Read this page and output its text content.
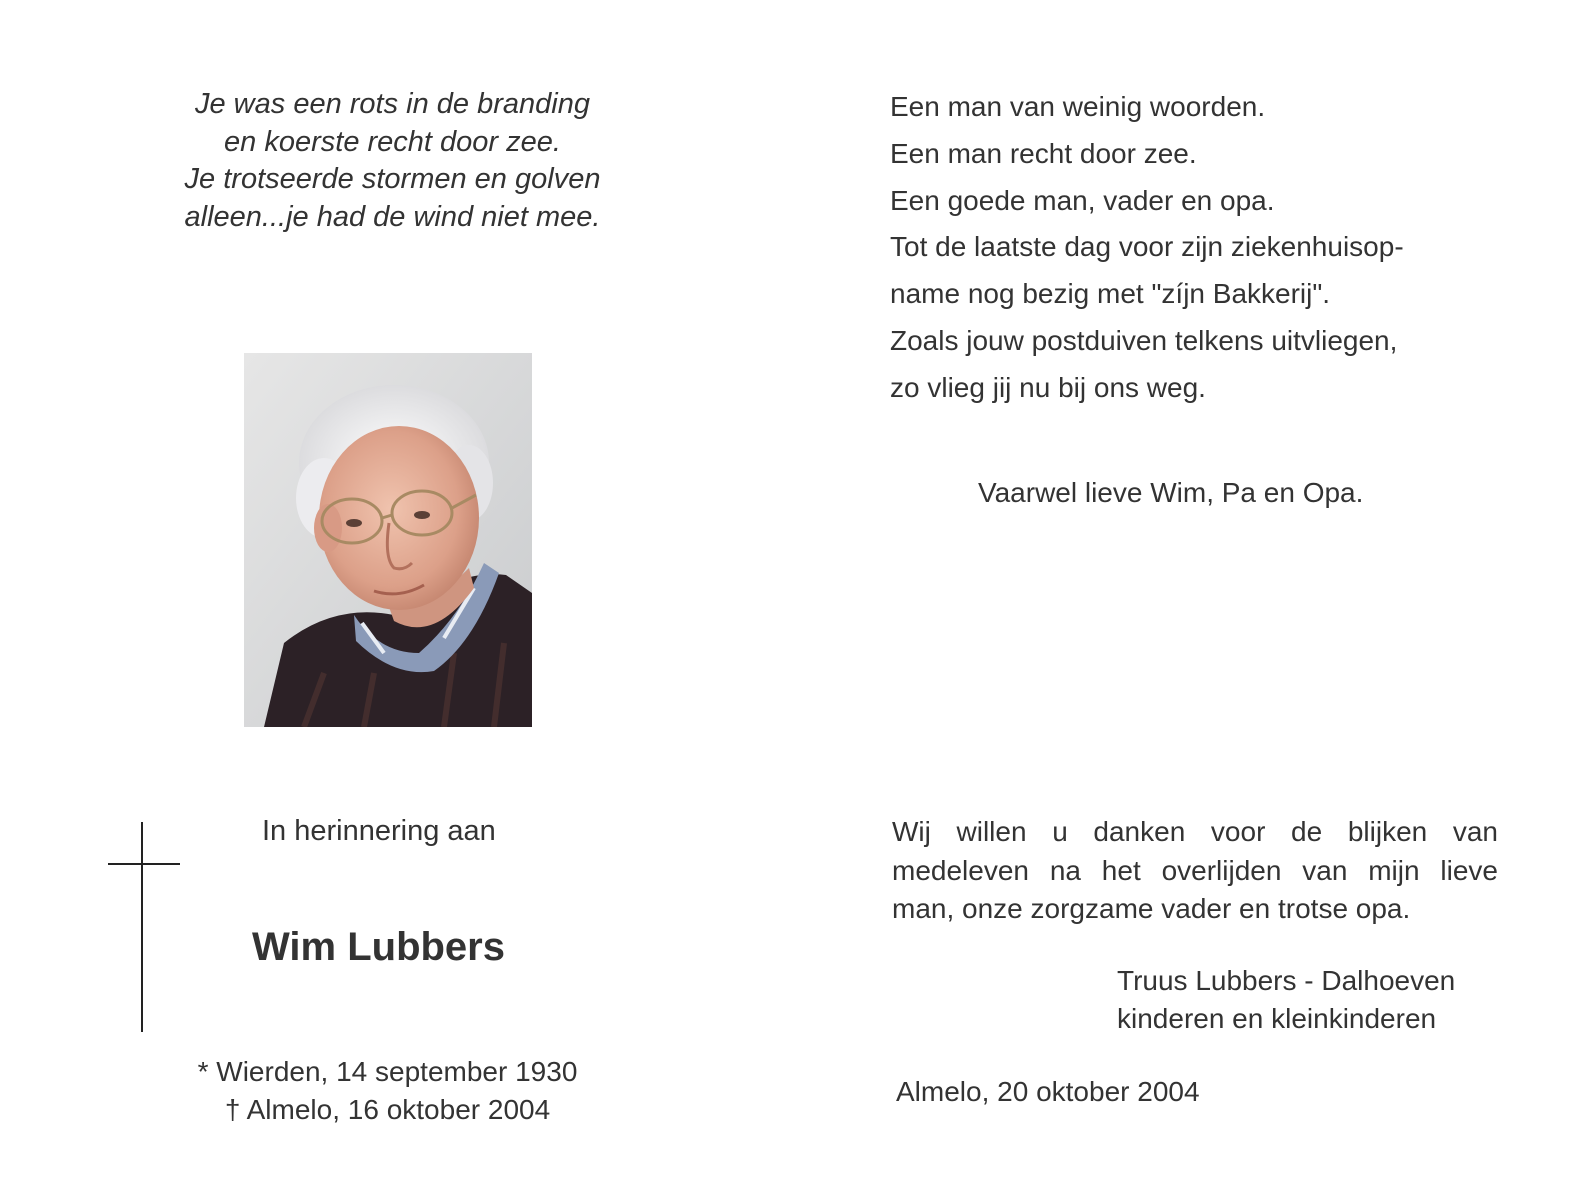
Je was een rots in de branding
en koerste recht door zee.
Je trotseerde stormen en golven
alleen...je had de wind niet mee.
In herinnering aan
Wim Lubbers
* Wierden, 14 september 1930
† Almelo, 16 oktober 2004
Een man van weinig woorden.
Een man recht door zee.
Een goede man, vader en opa.
Tot de laatste dag voor zijn ziekenhuisop-
name nog bezig met "zíjn Bakkerij".
Zoals jouw postduiven telkens uitvliegen,
zo vlieg jij nu bij ons weg.
Vaarwel lieve Wim, Pa en Opa.
Wij willen u danken voor de blijken van
medeleven na het overlijden van mijn lieve
man, onze zorgzame vader en trotse opa.
Truus Lubbers - Dalhoeven
kinderen en kleinkinderen
Almelo, 20 oktober 2004
